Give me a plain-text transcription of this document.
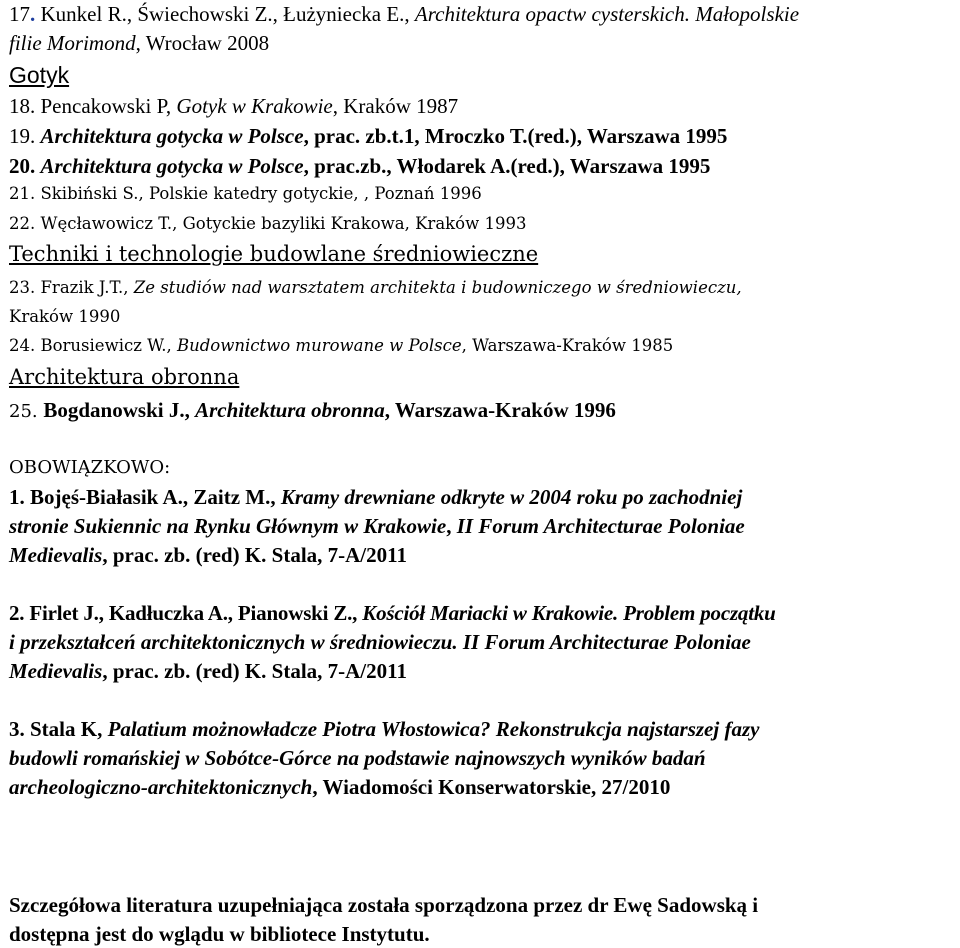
17. Kunkel R., Świechowski Z., Łużyniecka E., Architektura opactw cysterskich. Małopolskie
filie Morimond, Wrocław 2008
Gotyk
18. Pencakowski P, Gotyk w Krakowie, Kraków 1987
19. Architektura gotycka w Polsce, prac. zb.t.1, Mroczko T.(red.), Warszawa 1995
20. Architektura gotycka w Polsce, prac.zb., Włodarek A.(red.), Warszawa 1995
21. Skibiński S., Polskie katedry gotyckie, , Poznań 1996
22. Węcławowicz T., Gotyckie bazyliki Krakowa, Kraków 1993
Techniki i technologie budowlane średniowieczne
23. Frazik J.T., Ze studiów nad warsztatem architekta i budowniczego w średniowieczu,
Kraków 1990
24. Borusiewicz W., Budownictwo murowane w Polsce, Warszawa-Kraków 1985
Architektura obronna
25. Bogdanowski J., Architektura obronna, Warszawa-Kraków 1996
OBOWIĄZKOWO:
1. Bojęś-Białasik A., Zaitz M., Kramy drewniane odkryte w 2004 roku po zachodniej
stronie Sukiennic na Rynku Głównym w Krakowie, II Forum Architecturae Poloniae
Medievalis, prac. zb. (red) K. Stala, 7-A/2011
2. Firlet J., Kadłuczka A., Pianowski Z., Kościół Mariacki w Krakowie. Problem początku
i przekształceń architektonicznych w średniowieczu. II Forum Architecturae Poloniae
Medievalis, prac. zb. (red) K. Stala, 7-A/2011
3. Stala K, Palatium możnowładcze Piotra Włostowica? Rekonstrukcja najstarszej fazy
budowli romańskiej w Sobótce-Górce na podstawie najnowszych wyników badań
archeologiczno-architektonicznych, Wiadomości Konserwatorskie, 27/2010
Szczegółowa literatura uzupełniająca została sporządzona przez dr Ewę Sadowską i
dostępna jest do wglądu w bibliotece Instytutu.
